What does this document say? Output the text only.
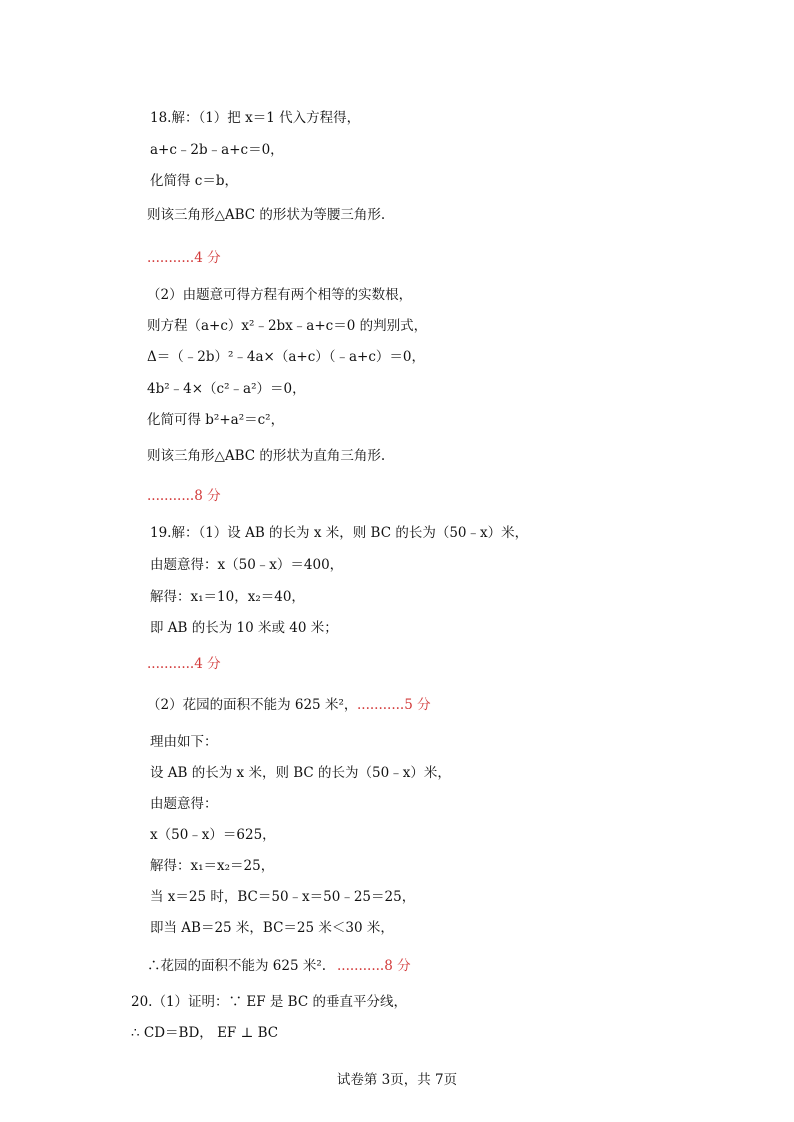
18.解：（1）把 x＝1 代入方程得，
a+c﹣2b﹣a+c＝0，
化简得 c＝b，
则该三角形△ABC 的形状为等腰三角形.
...........4 分
（2）由题意可得方程有两个相等的实数根，
则方程（a+c）x²﹣2bx﹣a+c＝0 的判别式，
Δ＝（﹣2b）²﹣4a×（a+c）（﹣a+c）＝0，
4b²﹣4×（c²﹣a²）＝0，
化简可得 b²+a²＝c²，
则该三角形△ABC 的形状为直角三角形.
...........8 分
19.解：（1）设 AB 的长为 x 米，则 BC 的长为（50﹣x）米，
由题意得：x（50﹣x）＝400，
解得：x₁＝10，x₂＝40，
即 AB 的长为 10 米或 40 米；
...........4 分
（2）花园的面积不能为 625 米²， ...........5 分
理由如下：
设 AB 的长为 x 米，则 BC 的长为（50﹣x）米，
由题意得：
x（50﹣x）＝625，
解得：x₁＝x₂＝25，
当 x＝25 时，BC＝50﹣x＝50﹣25＝25，
即当 AB＝25 米，BC＝25 米＜30 米，
∴花园的面积不能为 625 米². ...........8 分
20.（1）证明：∵ EF 是 BC 的垂直平分线，
∴ CD＝BD， EF ⊥ BC
试卷第 3页，共 7页
